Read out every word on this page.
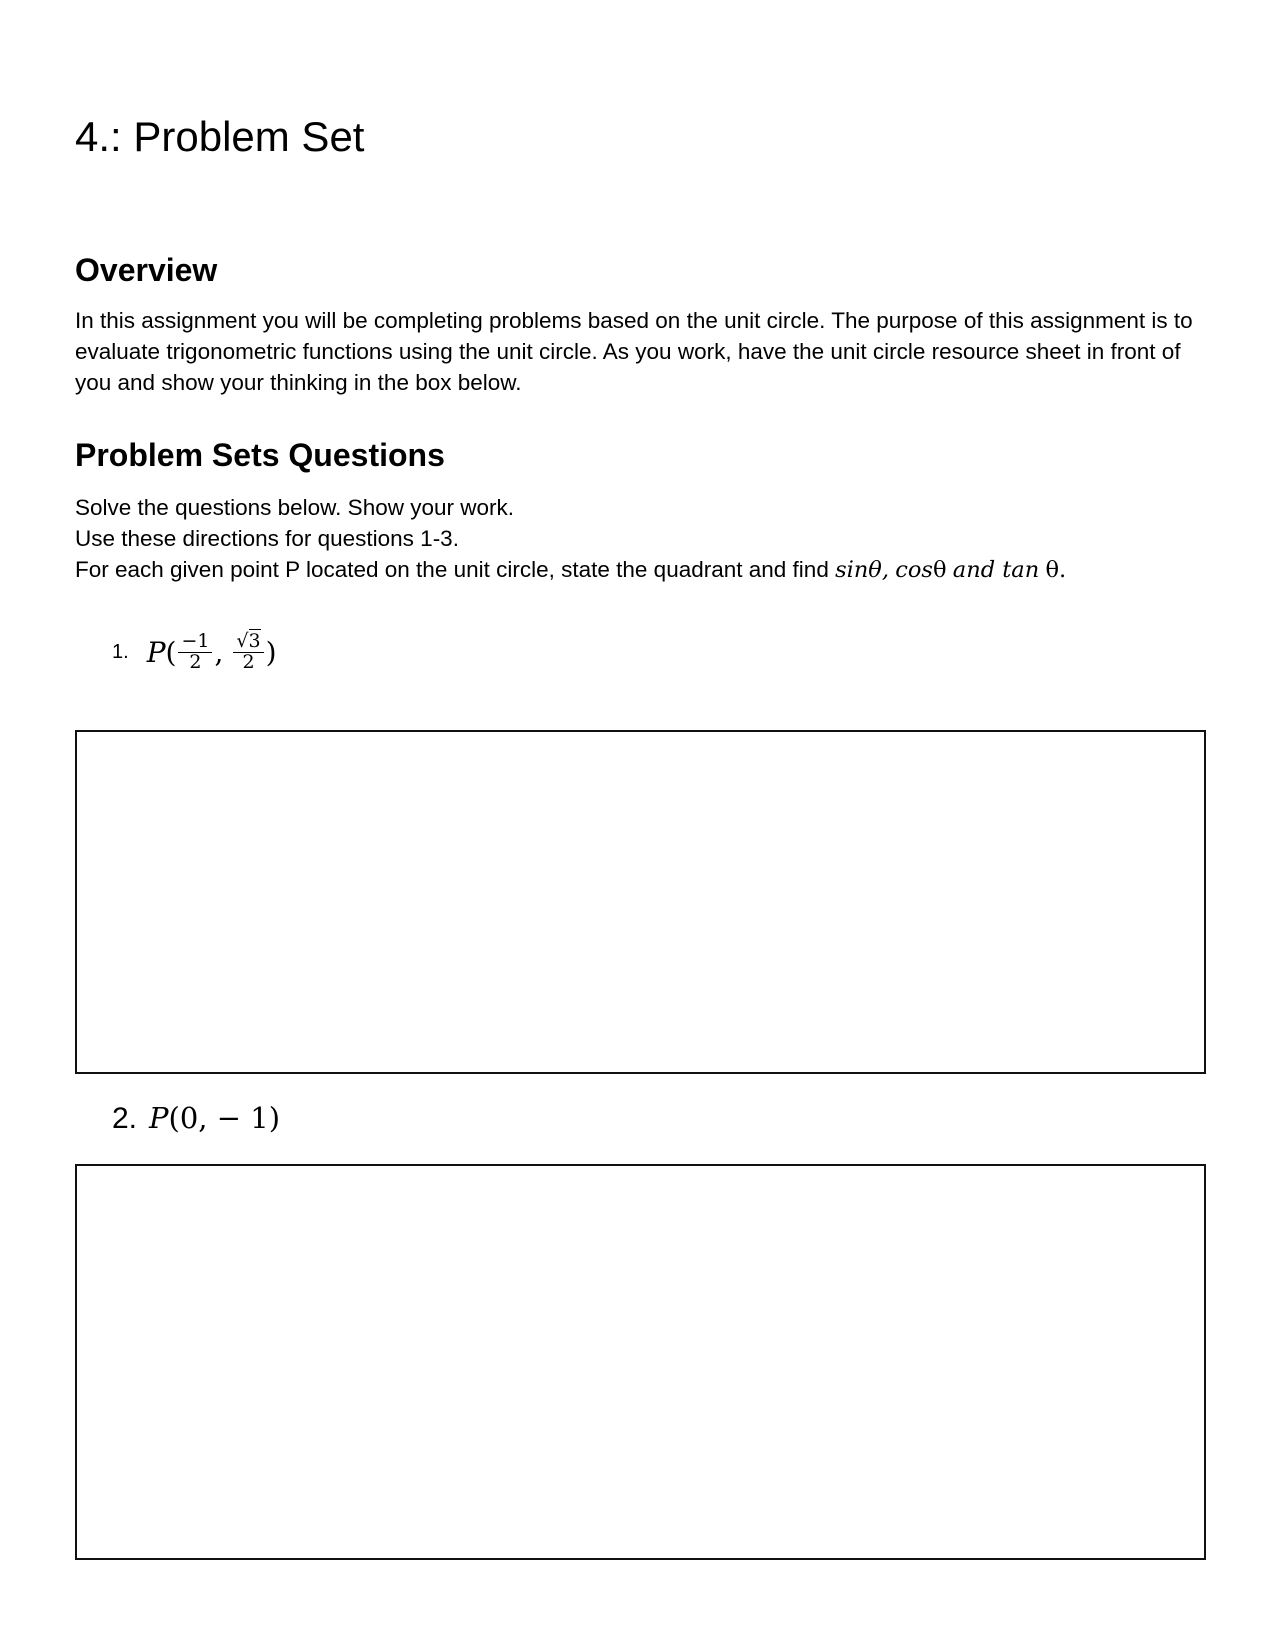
4.: Problem Set
Overview

In this assignment you will be completing problems based on the unit circle. The purpose of this assignment is to evaluate trigonometric functions using the unit circle. As you work, have the unit circle resource sheet in front of you and show your thinking in the box below.

Problem Sets Questions
Solve the questions below. Show your work.
Use these directions for questions 1-3.
For each given point P located on the unit circle, state the quadrant and find sinθ, cosθ and tan θ.
1. P ( $\frac{-1}{2}$ , $\frac{√3}{2}$ )
2. P(0, − 1)
